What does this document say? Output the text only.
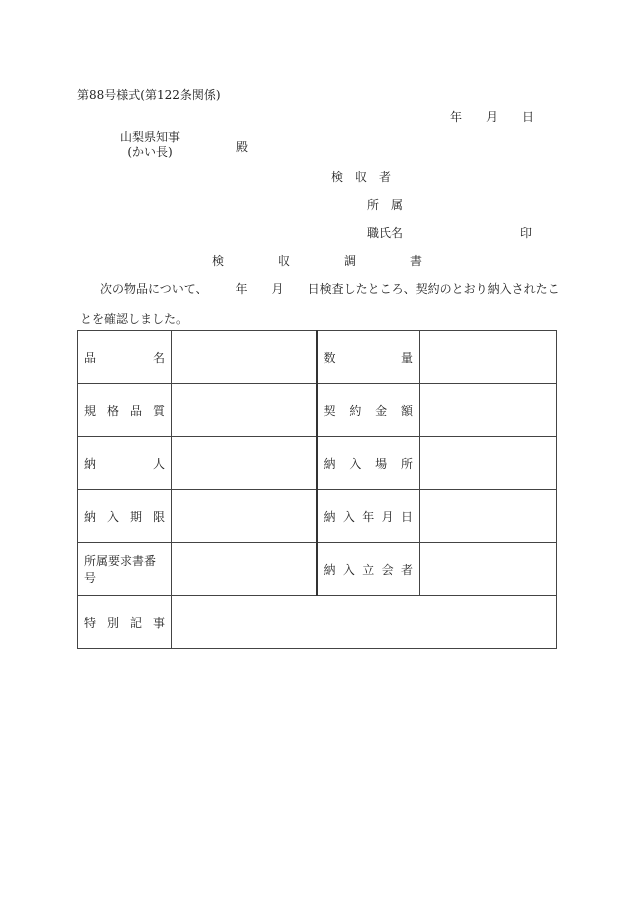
第88号様式(第122条関係)
年 月 日
山梨県知事
(かい長)	殿
検収者
所属
職氏名	印
検	収	調	書
次の物品について、 年 月 日検査したところ、契約のとおり納入されたこ
とを確認しました。
品 名		数 量	

規 格 品 質		契 約 金 額	

納 人		納 入 場 所	

納 入 期 限		納 入 年 月 日	

所属要求書番号		納 入 立 会 者	

特 別 記 事			
